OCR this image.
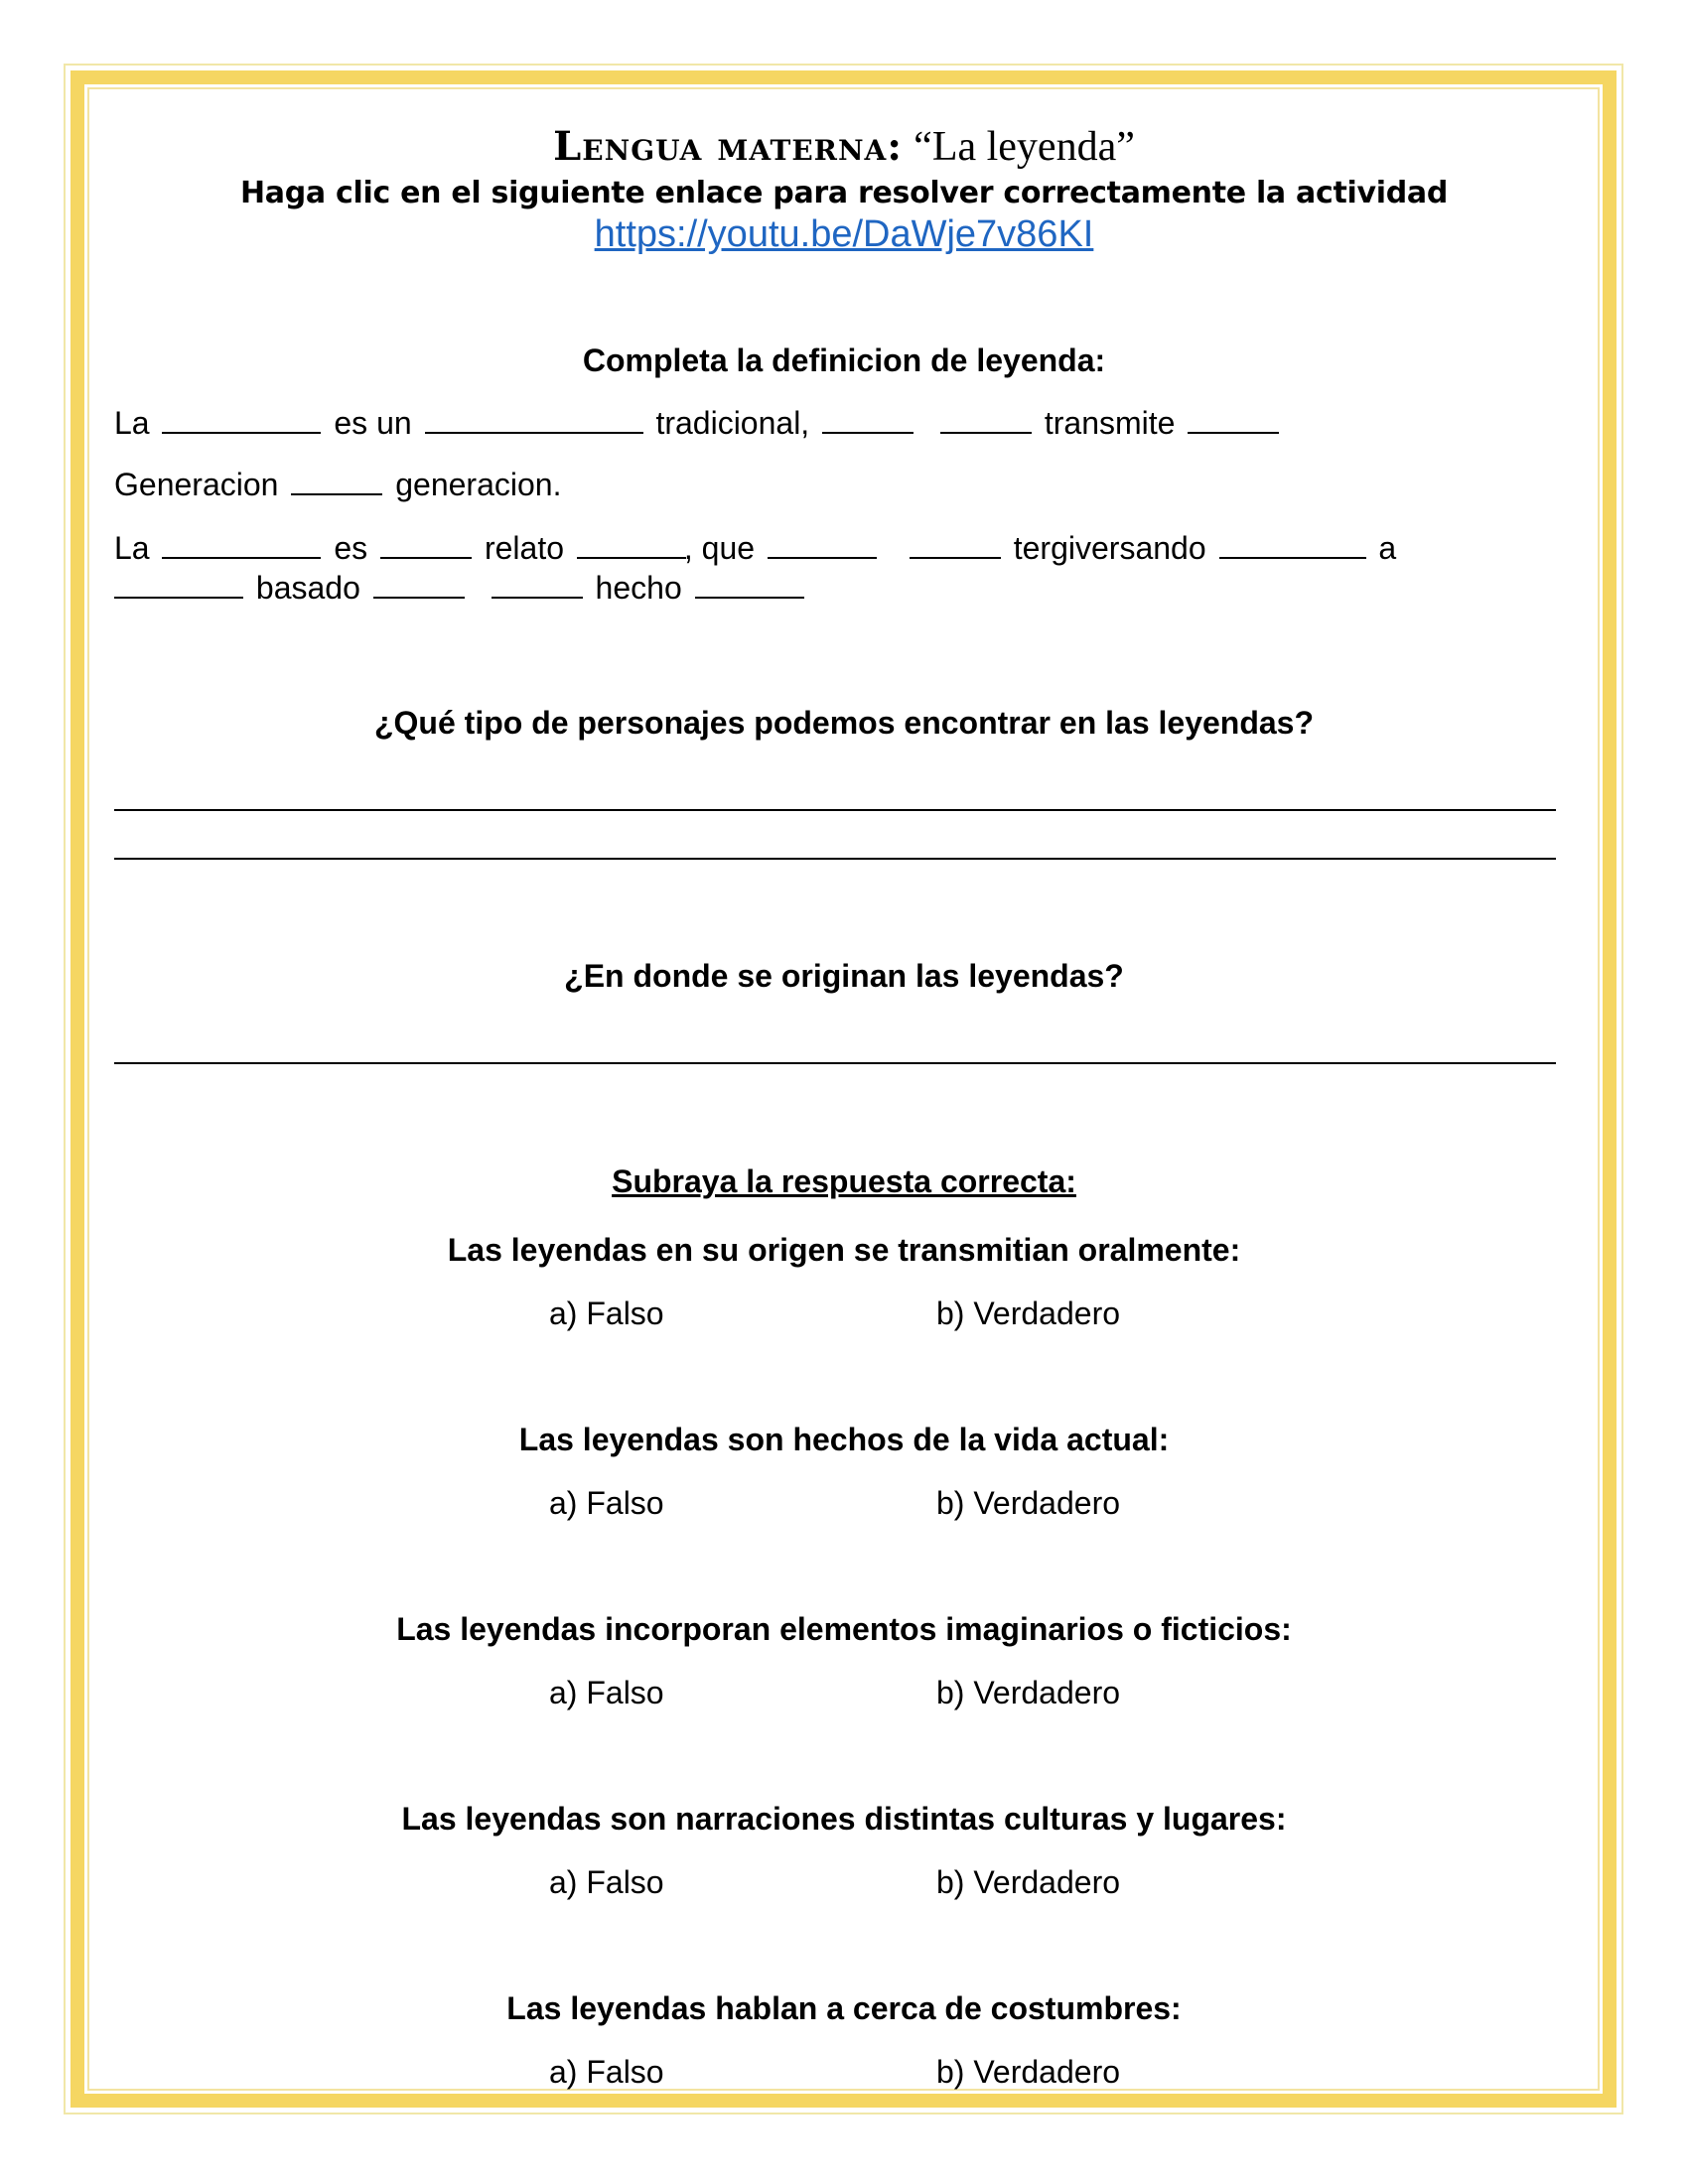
Lengua materna: “La leyenda”
Haga clic en el siguiente enlace para resolver correctamente la actividad
https://youtu.be/DaWje7v86KI
Completa la definicion de leyenda:
La	es un	tradicional,	transmite
Generacion	generacion.
La	es	relato	, que	tergiversando	a
basado	hecho
¿Qué tipo de personajes podemos encontrar en las leyendas?
¿En donde se originan las leyendas?
Subraya la respuesta correcta:
Las leyendas en su origen se transmitian oralmente:
a) Falso	b) Verdadero
Las leyendas son hechos de la vida actual:
a) Falso	b) Verdadero
Las leyendas incorporan elementos imaginarios o ficticios:
a) Falso	b) Verdadero
Las leyendas son narraciones distintas culturas y lugares:
a) Falso	b) Verdadero
Las leyendas hablan a cerca de costumbres:
a) Falso	b) Verdadero
